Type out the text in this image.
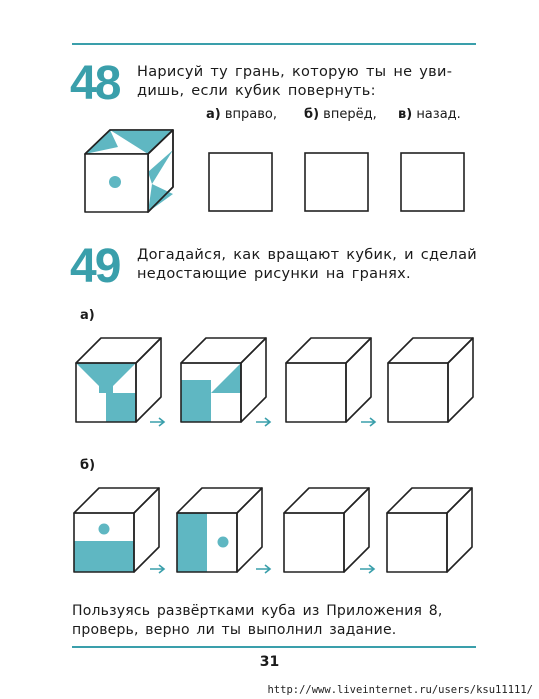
48 Нарисуй ту грань, которую ты не уви-
дишь, если кубик повернуть:
а) вправо, б) вперёд, в) назад.
49 Догадайся, как вращают кубик, и сделай
недостающие рисунки на гранях.
а)
б)
Пользуясь развёртками куба из Приложения 8,
проверь, верно ли ты выполнил задание.
31
http://www.liveinternet.ru/users/ksu11111/
